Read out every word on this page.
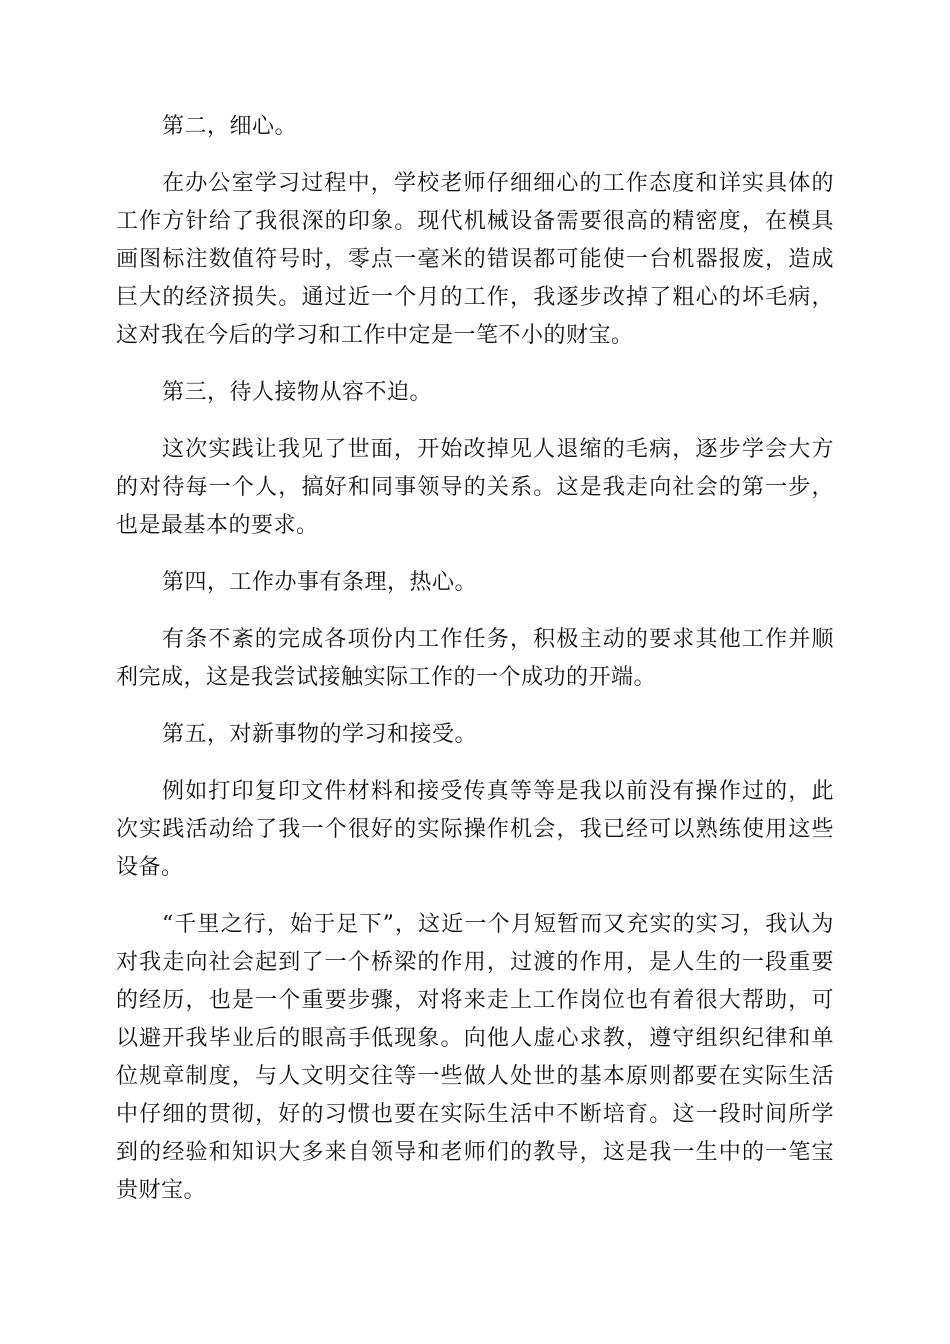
第二，细心。

在办公室学习过程中，学校老师仔细细心的工作态度和详实具体的工作方针给了我很深的印象。现代机械设备需要很高的精密度，在模具画图标注数值符号时，零点一毫米的错误都可能使一台机器报废，造成巨大的经济损失。通过近一个月的工作，我逐步改掉了粗心的坏毛病，这对我在今后的学习和工作中定是一笔不小的财宝。

第三，待人接物从容不迫。

这次实践让我见了世面，开始改掉见人退缩的毛病，逐步学会大方的对待每一个人，搞好和同事领导的关系。这是我走向社会的第一步，也是最基本的要求。

第四，工作办事有条理，热心。

有条不紊的完成各项份内工作任务，积极主动的要求其他工作并顺利完成，这是我尝试接触实际工作的一个成功的开端。

第五，对新事物的学习和接受。

例如打印复印文件材料和接受传真等等是我以前没有操作过的，此次实践活动给了我一个很好的实际操作机会，我已经可以熟练使用这些设备。

“千里之行，始于足下”，这近一个月短暂而又充实的实习，我认为对我走向社会起到了一个桥梁的作用，过渡的作用，是人生的一段重要的经历，也是一个重要步骤，对将来走上工作岗位也有着很大帮助，可以避开我毕业后的眼高手低现象。向他人虚心求教，遵守组织纪律和单位规章制度，与人文明交往等一些做人处世的基本原则都要在实际生活中仔细的贯彻，好的习惯也要在实际生活中不断培育。这一段时间所学到的经验和知识大多来自领导和老师们的教导，这是我一生中的一笔宝贵财宝。
